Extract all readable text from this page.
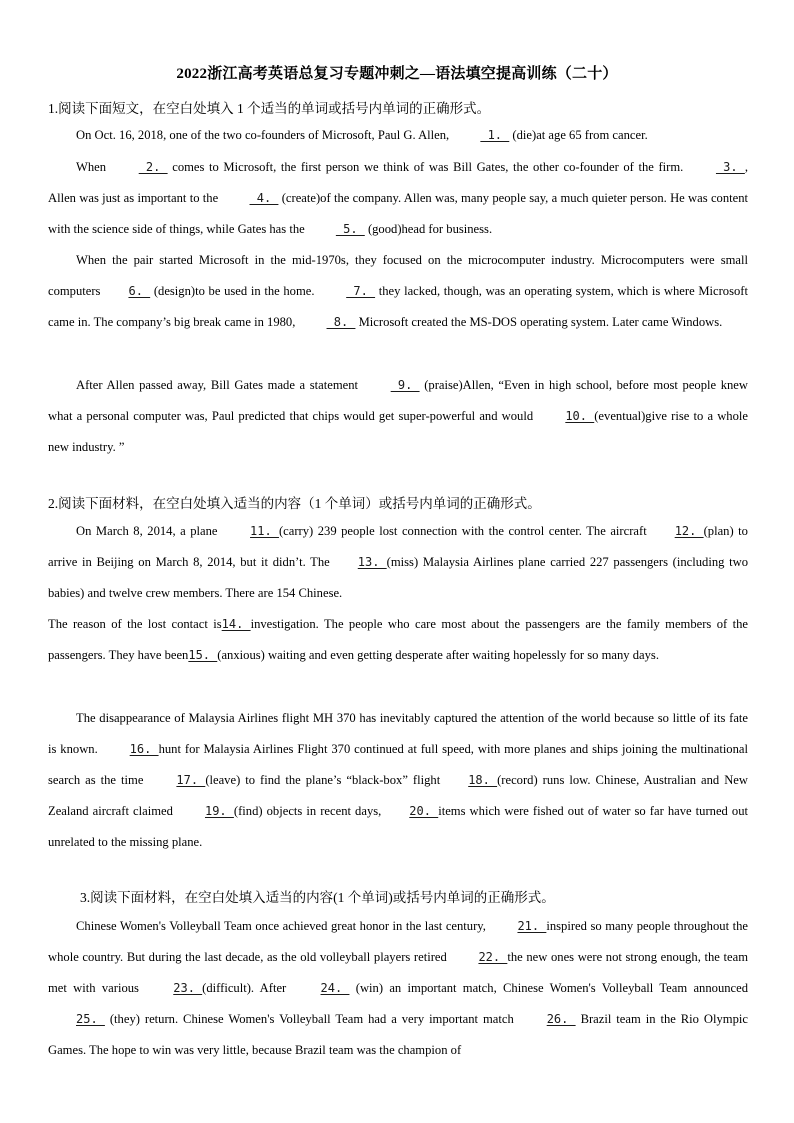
2022浙江高考英语总复习专题冲刺之—语法填空提高训练（二十）
1.阅读下面短文，在空白处填入 1 个适当的单词或括号内单词的正确形式。
On Oct. 16, 2018, one of the two co-founders of Microsoft, Paul G. Allen,	1.  (die)at age 65 from cancer.
When	2.  comes to Microsoft, the first person we think of was Bill Gates, the other co-founder of the firm.	3. , Allen was just as important to the	4.  (create)of the company. Allen was, many people say, a much quieter person. He was content with the science side of things, while Gates has the	5.  (good)head for business.
When the pair started Microsoft in the mid-1970s, they focused on the microcomputer industry. Microcomputers were small computers 6.  (design)to be used in the home.	7.  they lacked, though, was an operating system, which is where Microsoft came in. The company’s big break came in 1980,	8.  Microsoft created the MS-DOS operating system. Later came Windows.
After Allen passed away, Bill Gates made a statement	9.  (praise)Allen, “Even in high school, before most people knew what a personal computer was, Paul predicted that chips would get super-powerful and would	10. (eventual)give rise to a whole new industry. ”
2.阅读下面材料，在空白处填入适当的内容（1 个单词）或括号内单词的正确形式。
On March 8, 2014, a plane	11. (carry) 239 people lost connection with the control center. The aircraft 12. (plan) to arrive in Beijing on March 8, 2014, but it didn’t. The 13. (miss) Malaysia Airlines plane carried 227 passengers (including two babies) and twelve crew members. There are 154 Chinese.
The reason of the lost contact is14. investigation. The people who care most about the passengers are the family members of the passengers. They have been15. (anxious) waiting and even getting desperate after waiting hopelessly for so many days.
The disappearance of Malaysia Airlines flight MH 370 has inevitably captured the attention of the world because so little of its fate is known.	16. hunt for Malaysia Airlines Flight 370 continued at full speed, with more planes and ships joining the multinational search as the time	17. (leave) to find the plane’s “black-box” flight 18. (record) runs low. Chinese, Australian and New Zealand aircraft claimed	19. (find) objects in recent days, 20. items which were fished out of water so far have turned out unrelated to the missing plane.
3.阅读下面材料，在空白处填入适当的内容(1 个单词)或括号内单词的正确形式。
Chinese Women's Volleyball Team once achieved great honor in the last century,	21. inspired so many people throughout the whole country. But during the last decade, as the old volleyball players retired	22. the new ones were not strong enough, the team met with various	23. (difficult). After	24.  (win) an important match, Chinese Women's Volleyball Team announced 25.  (they) return. Chinese Women's Volleyball Team had a very important match	26.  Brazil team in the Rio Olympic Games. The hope to win was very little, because Brazil team was the champion of
